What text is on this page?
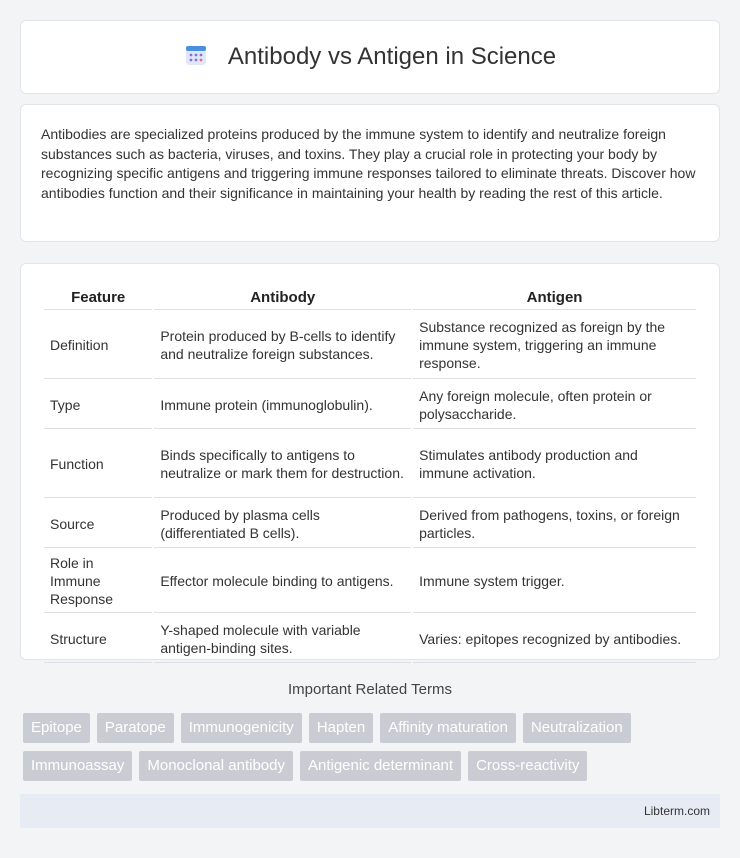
Antibody vs Antigen in Science

Antibodies are specialized proteins produced by the immune system to identify and neutralize foreign substances such as bacteria, viruses, and toxins. They play a crucial role in protecting your body by recognizing specific antigens and triggering immune responses tailored to eliminate threats. Discover how antibodies function and their significance in maintaining your health by reading the rest of this article.

Feature	Antibody	Antigen
Definition	Protein produced by B-cells to identify and neutralize foreign substances.	Substance recognized as foreign by the immune system, triggering an immune response.
Type	Immune protein (immunoglobulin).	Any foreign molecule, often protein or polysaccharide.
Function	Binds specifically to antigens to neutralize or mark them for destruction.	Stimulates antibody production and immune activation.
Source	Produced by plasma cells (differentiated B cells).	Derived from pathogens, toxins, or foreign particles.
Role in Immune Response	Effector molecule binding to antigens.	Immune system trigger.
Structure	Y-shaped molecule with variable antigen-binding sites.	Varies: epitopes recognized by antibodies.
Important Related Terms
Epitope	Paratope	Immunogenicity	Hapten	Affinity maturation	Neutralization
Immunoassay	Monoclonal antibody	Antigenic determinant	Cross-reactivity
Libterm.com
